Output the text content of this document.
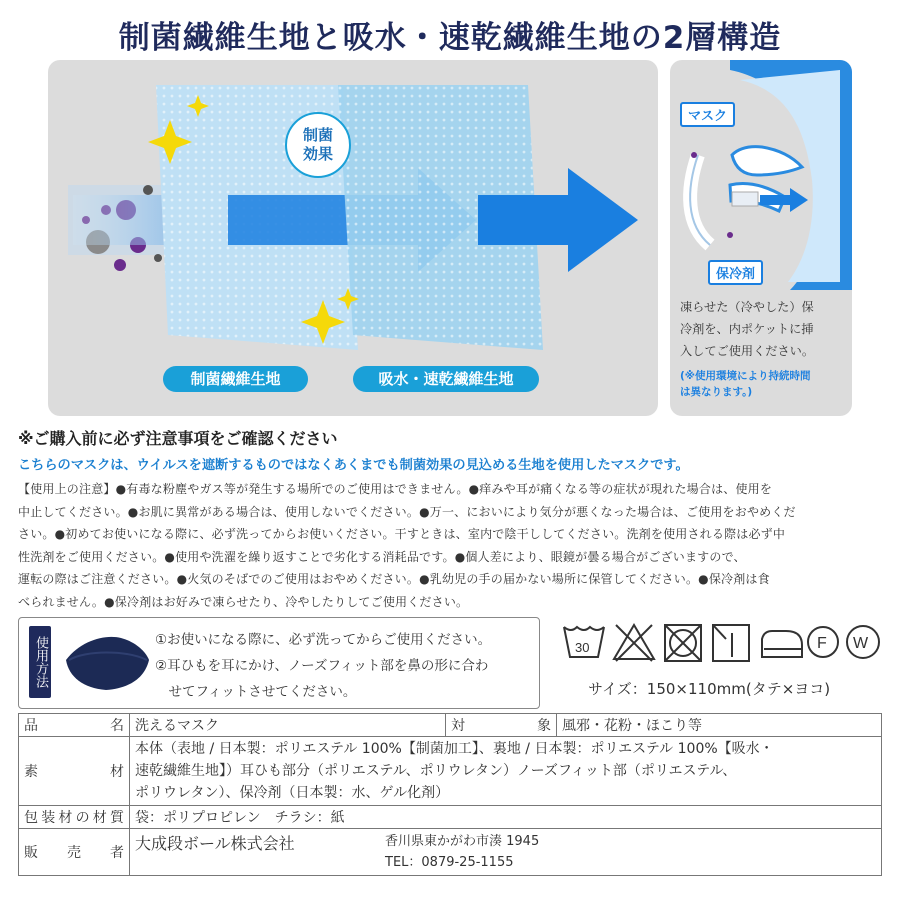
制菌繊維生地と吸水・速乾繊維生地の2層構造
制菌
効果
制菌繊維生地	吸水・速乾繊維生地
マスク
保冷剤
凍らせた（冷やした）保
冷剤を、内ポケットに挿
入してご使用ください。
(※使用環境により持続時間
は異なります。)
※ご購入前に必ず注意事項をご確認ください
こちらのマスクは、ウイルスを遮断するものではなくあくまでも制菌効果の見込める生地を使用したマスクです。
【使用上の注意】●有毒な粉塵やガス等が発生する場所でのご使用はできません。●痒みや耳が痛くなる等の症状が現れた場合は、使用を
中止してください。●お肌に異常がある場合は、使用しないでください。●万一、においにより気分が悪くなった場合は、ご使用をおやめくだ
さい。●初めてお使いになる際に、必ず洗ってからお使いください。干すときは、室内で陰干ししてください。洗剤を使用される際は必ず中
性洗剤をご使用ください。●使用や洗濯を繰り返すことで劣化する消耗品です。●個人差により、眼鏡が曇る場合がございますので、
運転の際はご注意ください。●火気のそばでのご使用はおやめください。●乳幼児の手の届かない場所に保管してください。●保冷剤は食
べられません。●保冷剤はお好みで凍らせたり、冷やしたりしてご使用ください。
使用方法	①お使いになる際に、必ず洗ってからご使用ください。
②耳ひもを耳にかけ、ノーズフィット部を鼻の形に合わ
　せてフィットさせてください。
30	F W
サイズ：150×110mm(タテ×ヨコ)
品　名	洗えるマスク	対　象	風邪・花粉・ほこり等
素　材	本体（表地 / 日本製：ポリエステル 100%【制菌加工】、裏地 / 日本製：ポリエステル 100%【吸水・
速乾繊維生地】）耳ひも部分（ポリエステル、ポリウレタン）ノーズフィット部（ポリエステル、
ポリウレタン）、保冷剤（日本製：水、ゲル化剤）		

包装材の材質	袋：ポリプロピレン　チラシ：紙		
販　売　者	大成段ボール株式会社 香川県東かがわ市湊 1945
TEL：0879-25-1155		
